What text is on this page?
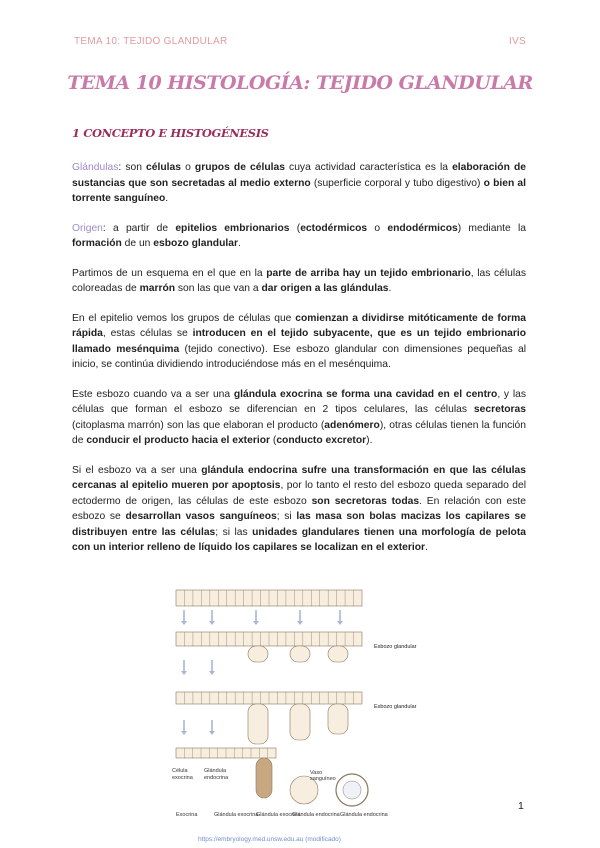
TEMA 10: TEJIDO GLANDULAR	IVS
TEMA 10 HISTOLOGÍA: TEJIDO GLANDULAR
1 CONCEPTO E HISTOGÉNESIS

Glándulas: son células o grupos de células cuya actividad característica es la elaboración de sustancias que son secretadas al medio externo (superficie corporal y tubo digestivo) o bien al torrente sanguíneo.

Origen: a partir de epitelios embrionarios (ectodérmicos o endodérmicos) mediante la formación de un esbozo glandular.

Partimos de un esquema en el que en la parte de arriba hay un tejido embrionario, las células coloreadas de marrón son las que van a dar origen a las glándulas.

En el epitelio vemos los grupos de células que comienzan a dividirse mitóticamente de forma rápida, estas células se introducen en el tejido subyacente, que es un tejido embrionario llamado mesénquima (tejido conectivo). Ese esbozo glandular con dimensiones pequeñas al inicio, se continúa dividiendo introduciéndose más en el mesénquima.

Este esbozo cuando va a ser una glándula exocrina se forma una cavidad en el centro, y las células que forman el esbozo se diferencian en 2 tipos celulares, las células secretoras (citoplasma marrón) son las que elaboran el producto (adenómero), otras células tienen la función de conducir el producto hacia el exterior (conducto excretor).

Si el esbozo va a ser una glándula endocrina sufre una transformación en que las células cercanas al epitelio mueren por apoptosis, por lo tanto el resto del esbozo queda separado del ectodermo de origen, las células de este esbozo son secretoras todas. En relación con este esbozo se desarrollan vasos sanguíneos; si las masa son bolas macizas los capilares se distribuyen entre las células; si las unidades glandulares tienen una morfología de pelota con un interior relleno de líquido los capilares se localizan en el exterior.

Esbozo glandular
Esbozo glandular
Célula
exocrina
Glándula
endocrina
Vaso
sanguíneo
Exocrina	Glándula exocrina
Glándula exocrina
Glándula endocrina Glándula endocrina
https://embryology.med.unsw.edu.au (modificado)
1
